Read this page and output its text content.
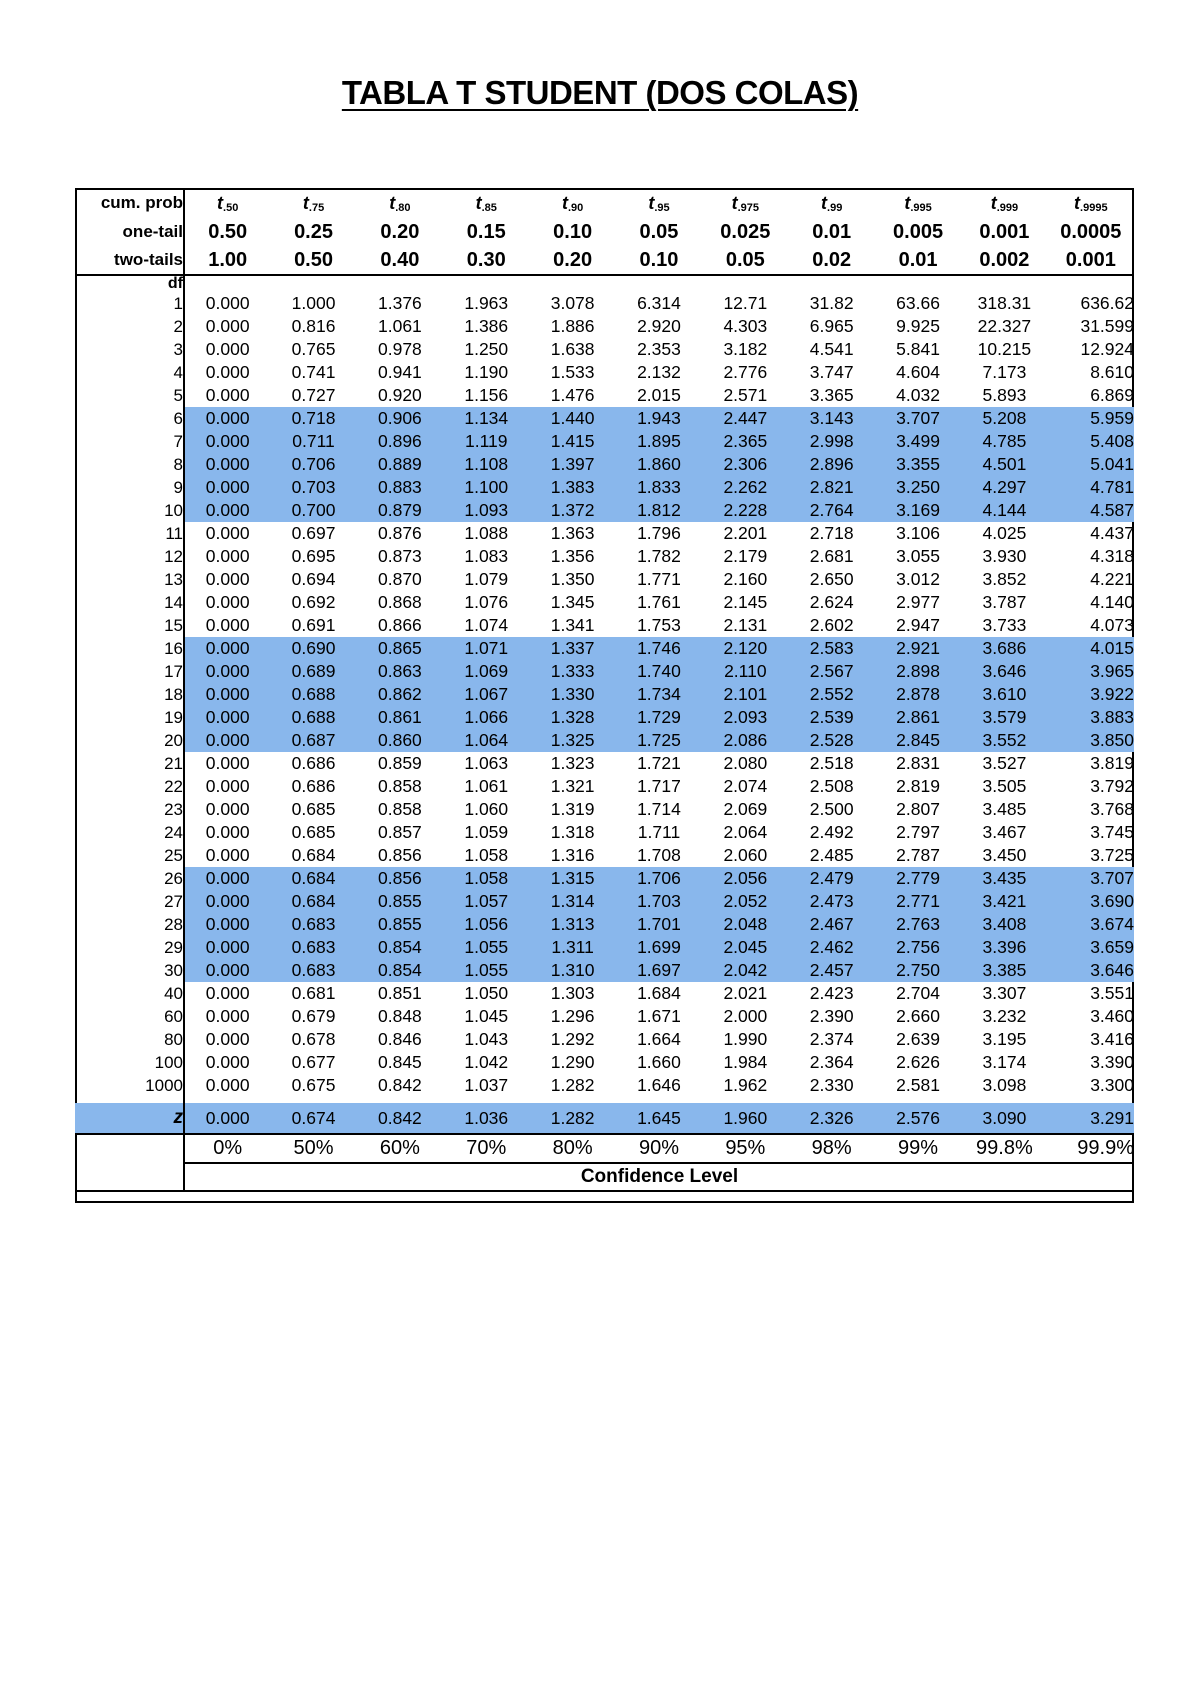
TABLA T STUDENT (DOS COLAS)
cum. prob	t.50	t.75	t.80	t.85	t.90	t.95	t.975	t.99	t.995	t.999	t.9995
one-tail	0.50	0.25	0.20	0.15	0.10	0.05	0.025	0.01	0.005	0.001	0.0005
two-tails	1.00	0.50	0.40	0.30	0.20	0.10	0.05	0.02	0.01	0.002	0.001
df											
1	0.000	1.000	1.376	1.963	3.078	6.314	12.71	31.82	63.66	318.31	636.62
2	0.000	0.816	1.061	1.386	1.886	2.920	4.303	6.965	9.925	22.327	31.599
3	0.000	0.765	0.978	1.250	1.638	2.353	3.182	4.541	5.841	10.215	12.924
4	0.000	0.741	0.941	1.190	1.533	2.132	2.776	3.747	4.604	7.173	8.610
5	0.000	0.727	0.920	1.156	1.476	2.015	2.571	3.365	4.032	5.893	6.869
6	0.000	0.718	0.906	1.134	1.440	1.943	2.447	3.143	3.707	5.208	5.959
7	0.000	0.711	0.896	1.119	1.415	1.895	2.365	2.998	3.499	4.785	5.408
8	0.000	0.706	0.889	1.108	1.397	1.860	2.306	2.896	3.355	4.501	5.041
9	0.000	0.703	0.883	1.100	1.383	1.833	2.262	2.821	3.250	4.297	4.781
10	0.000	0.700	0.879	1.093	1.372	1.812	2.228	2.764	3.169	4.144	4.587
11	0.000	0.697	0.876	1.088	1.363	1.796	2.201	2.718	3.106	4.025	4.437
12	0.000	0.695	0.873	1.083	1.356	1.782	2.179	2.681	3.055	3.930	4.318
13	0.000	0.694	0.870	1.079	1.350	1.771	2.160	2.650	3.012	3.852	4.221
14	0.000	0.692	0.868	1.076	1.345	1.761	2.145	2.624	2.977	3.787	4.140
15	0.000	0.691	0.866	1.074	1.341	1.753	2.131	2.602	2.947	3.733	4.073
16	0.000	0.690	0.865	1.071	1.337	1.746	2.120	2.583	2.921	3.686	4.015
17	0.000	0.689	0.863	1.069	1.333	1.740	2.110	2.567	2.898	3.646	3.965
18	0.000	0.688	0.862	1.067	1.330	1.734	2.101	2.552	2.878	3.610	3.922
19	0.000	0.688	0.861	1.066	1.328	1.729	2.093	2.539	2.861	3.579	3.883
20	0.000	0.687	0.860	1.064	1.325	1.725	2.086	2.528	2.845	3.552	3.850
21	0.000	0.686	0.859	1.063	1.323	1.721	2.080	2.518	2.831	3.527	3.819
22	0.000	0.686	0.858	1.061	1.321	1.717	2.074	2.508	2.819	3.505	3.792
23	0.000	0.685	0.858	1.060	1.319	1.714	2.069	2.500	2.807	3.485	3.768
24	0.000	0.685	0.857	1.059	1.318	1.711	2.064	2.492	2.797	3.467	3.745
25	0.000	0.684	0.856	1.058	1.316	1.708	2.060	2.485	2.787	3.450	3.725
26	0.000	0.684	0.856	1.058	1.315	1.706	2.056	2.479	2.779	3.435	3.707
27	0.000	0.684	0.855	1.057	1.314	1.703	2.052	2.473	2.771	3.421	3.690
28	0.000	0.683	0.855	1.056	1.313	1.701	2.048	2.467	2.763	3.408	3.674
29	0.000	0.683	0.854	1.055	1.311	1.699	2.045	2.462	2.756	3.396	3.659
30	0.000	0.683	0.854	1.055	1.310	1.697	2.042	2.457	2.750	3.385	3.646
40	0.000	0.681	0.851	1.050	1.303	1.684	2.021	2.423	2.704	3.307	3.551
60	0.000	0.679	0.848	1.045	1.296	1.671	2.000	2.390	2.660	3.232	3.460
80	0.000	0.678	0.846	1.043	1.292	1.664	1.990	2.374	2.639	3.195	3.416
100	0.000	0.677	0.845	1.042	1.290	1.660	1.984	2.364	2.626	3.174	3.390
1000	0.000	0.675	0.842	1.037	1.282	1.646	1.962	2.330	2.581	3.098	3.300

z	0.000	0.674	0.842	1.036	1.282	1.645	1.960	2.326	2.576	3.090	3.291
	0%	50%	60%	70%	80%	90%	95%	98%	99%	99.8%	99.9%
	Confidence Level										
